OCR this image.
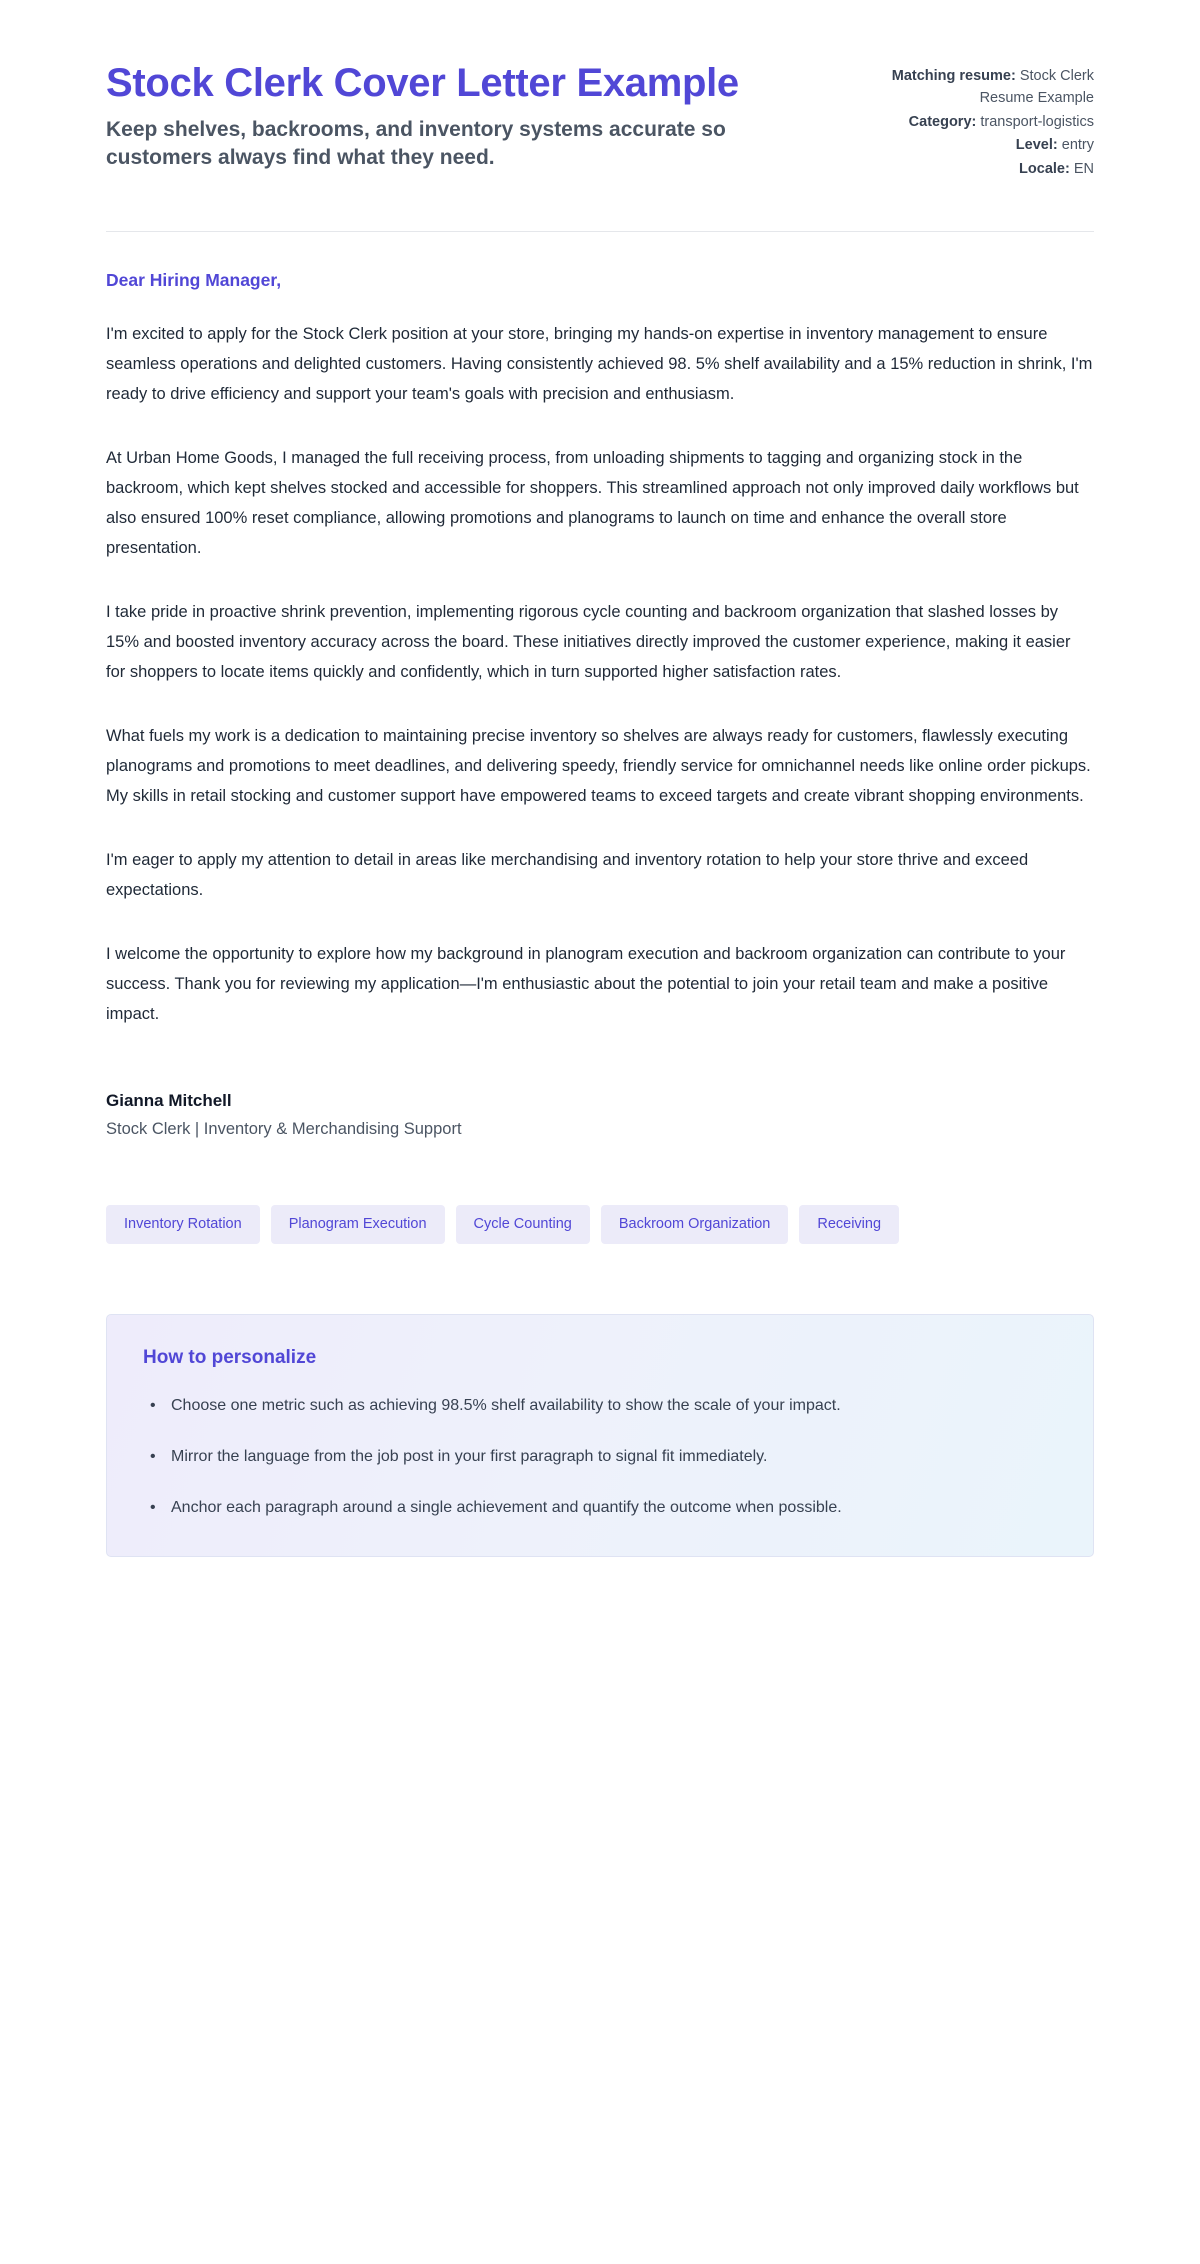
Stock Clerk Cover Letter Example

Keep shelves, backrooms, and inventory systems accurate so customers always find what they need.

Matching resume: Stock Clerk Resume Example
Category: transport-logistics
Level: entry
Locale: EN

Dear Hiring Manager,

I'm excited to apply for the Stock Clerk position at your store, bringing my hands-on expertise in inventory management to ensure seamless operations and delighted customers. Having consistently achieved 98. 5% shelf availability and a 15% reduction in shrink, I'm ready to drive efficiency and support your team's goals with precision and enthusiasm.

At Urban Home Goods, I managed the full receiving process, from unloading shipments to tagging and organizing stock in the backroom, which kept shelves stocked and accessible for shoppers. This streamlined approach not only improved daily workflows but also ensured 100% reset compliance, allowing promotions and planograms to launch on time and enhance the overall store presentation.

I take pride in proactive shrink prevention, implementing rigorous cycle counting and backroom organization that slashed losses by 15% and boosted inventory accuracy across the board. These initiatives directly improved the customer experience, making it easier for shoppers to locate items quickly and confidently, which in turn supported higher satisfaction rates.

What fuels my work is a dedication to maintaining precise inventory so shelves are always ready for customers, flawlessly executing planograms and promotions to meet deadlines, and delivering speedy, friendly service for omnichannel needs like online order pickups. My skills in retail stocking and customer support have empowered teams to exceed targets and create vibrant shopping environments.

I'm eager to apply my attention to detail in areas like merchandising and inventory rotation to help your store thrive and exceed expectations.

I welcome the opportunity to explore how my background in planogram execution and backroom organization can contribute to your success. Thank you for reviewing my application—I'm enthusiastic about the potential to join your retail team and make a positive impact.

Gianna Mitchell

Stock Clerk | Inventory & Merchandising Support

Inventory Rotation	Planogram Execution	Cycle Counting	Backroom Organization	Receiving
How to personalize
• Choose one metric such as achieving 98.5% shelf availability to show the scale of your impact.
• Mirror the language from the job post in your first paragraph to signal fit immediately.
• Anchor each paragraph around a single achievement and quantify the outcome when possible.
